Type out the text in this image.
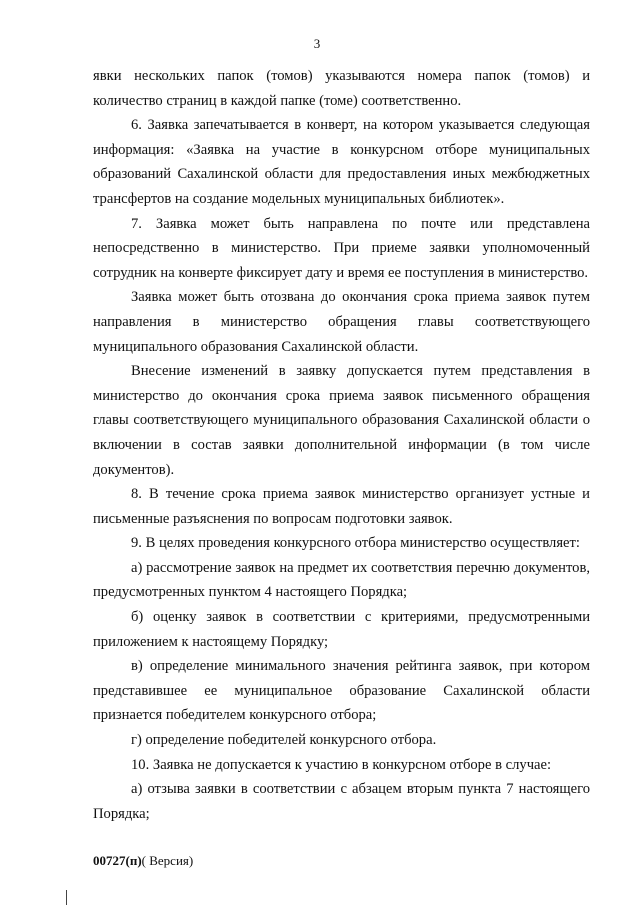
3

явки нескольких папок (томов) указываются номера папок (томов) и количество страниц в каждой папке (томе) соответственно.

6. Заявка запечатывается в конверт, на котором указывается следующая информация: «Заявка на участие в конкурсном отборе муниципальных образований Сахалинской области для предоставления иных межбюджетных трансфертов на создание модельных муниципальных библиотек».

7. Заявка может быть направлена по почте или представлена непосредственно в министерство. При приеме заявки уполномоченный сотрудник на конверте фиксирует дату и время ее поступления в министерство.

Заявка может быть отозвана до окончания срока приема заявок путем направления в министерство обращения главы соответствующего муниципального образования Сахалинской области.

Внесение изменений в заявку допускается путем представления в министерство до окончания срока приема заявок письменного обращения главы соответствующего муниципального образования Сахалинской области о включении в состав заявки дополнительной информации (в том числе документов).

8. В течение срока приема заявок министерство организует устные и письменные разъяснения по вопросам подготовки заявок.

9. В целях проведения конкурсного отбора министерство осуществляет:

а) рассмотрение заявок на предмет их соответствия перечню документов, предусмотренных пунктом 4 настоящего Порядка;

б) оценку заявок в соответствии с критериями, предусмотренными приложением к настоящему Порядку;

в) определение минимального значения рейтинга заявок, при котором представившее ее муниципальное образование Сахалинской области признается победителем конкурсного отбора;

г) определение победителей конкурсного отбора.

10. Заявка не допускается к участию в конкурсном отборе в случае:

а) отзыва заявки в соответствии с абзацем вторым пункта 7 настоящего Порядка;

00727(п)( Версия)
